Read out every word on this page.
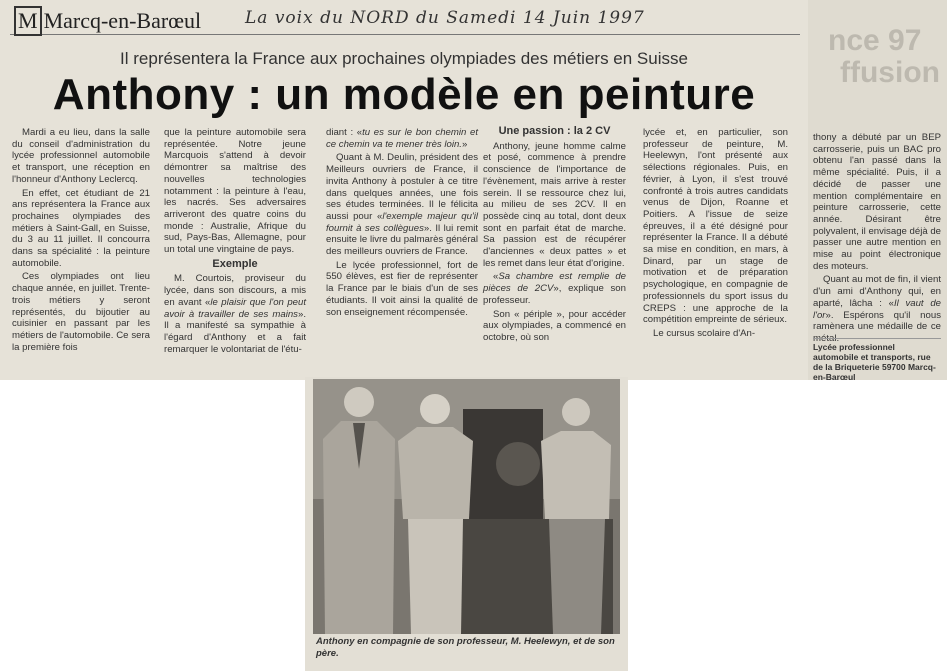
nce 97
ffusion
M Marcq-en-Barœul	La voix du NORD du Samedi 14 Juin 1997
Il représentera la France aux prochaines olympiades des métiers en Suisse
Anthony : un modèle en peinture

Mardi a eu lieu, dans la salle du conseil d'administration du lycée professionnel automobile et transport, une réception en l'honneur d'Anthony Leclercq.

En effet, cet étudiant de 21 ans représentera la France aux prochaines olympiades des métiers à Saint-Gall, en Suisse, du 3 au 11 juillet. Il concourra dans sa spécialité : la peinture automobile.

Ces olympiades ont lieu chaque année, en juillet. Trente-trois métiers y seront représentés, du bijoutier au cuisinier en passant par les métiers de l'automobile. Ce sera la première fois

que la peinture automobile sera représentée. Notre jeune Marcquois s'attend à devoir démontrer sa maîtrise des nouvelles technologies notamment : la peinture à l'eau, les nacrés. Ses adversaires arriveront des quatre coins du monde : Australie, Afrique du sud, Pays-Bas, Allemagne, pour un total une vingtaine de pays.

Exemple

M. Courtois, proviseur du lycée, dans son discours, a mis en avant «le plaisir que l'on peut avoir à travailler de ses mains». Il a manifesté sa sympathie à l'égard d'Anthony et a fait remarquer le volontariat de l'étu-

diant : «tu es sur le bon chemin et ce chemin va te mener très loin.»

Quant à M. Deulin, président des Meilleurs ouvriers de France, il invita Anthony à postuler à ce titre dans quelques années, une fois ses études terminées. Il le félicita aussi pour «l'exemple majeur qu'il fournit à ses collègues». Il lui remit ensuite le livre du palmarès général des meilleurs ouvriers de France.

Le lycée professionnel, fort de 550 élèves, est fier de représenter la France par le biais d'un de ses étudiants. Il voit ainsi la qualité de son enseignement récompensée.

Une passion : la 2 CV

Anthony, jeune homme calme et posé, commence à prendre conscience de l'importance de l'évènement, mais arrive à rester serein. Il se ressource chez lui, au milieu de ses 2CV. Il en possède cinq au total, dont deux sont en parfait état de marche. Sa passion est de récupérer d'anciennes « deux pattes » et les remet dans leur état d'origine.

«Sa chambre est remplie de pièces de 2CV», explique son professeur.

Son « périple », pour accéder aux olympiades, a commencé en octobre, où son

lycée et, en particulier, son professeur de peinture, M. Heelewyn, l'ont présenté aux sélections régionales. Puis, en février, à Lyon, il s'est trouvé confronté à trois autres candidats venus de Dijon, Roanne et Poitiers. A l'issue de seize épreuves, il a été désigné pour représenter la France. Il a débuté sa mise en condition, en mars, à Dinard, par un stage de motivation et de préparation psychologique, en compagnie de professionnels du sport issus du CREPS : une approche de la compétition empreinte de sérieux.

Le cursus scolaire d'An-

thony a débuté par un BEP carrosserie, puis un BAC pro obtenu l'an passé dans la même spécialité. Puis, il a décidé de passer une mention complémentaire en peinture carrosserie, cette année. Désirant être polyvalent, il envisage déjà de passer une autre mention en mise au point électronique des moteurs.

Quant au mot de fin, il vient d'un ami d'Anthony qui, en aparté, lâcha : «Il vaut de l'or». Espérons qu'il nous ramènera une médaille de ce métal.

Lycée professionnel automobile et transports, rue de la Briqueterie 59700 Marcq-en-Barœul
Anthony en compagnie de son professeur, M. Heelewyn, et de son père.
